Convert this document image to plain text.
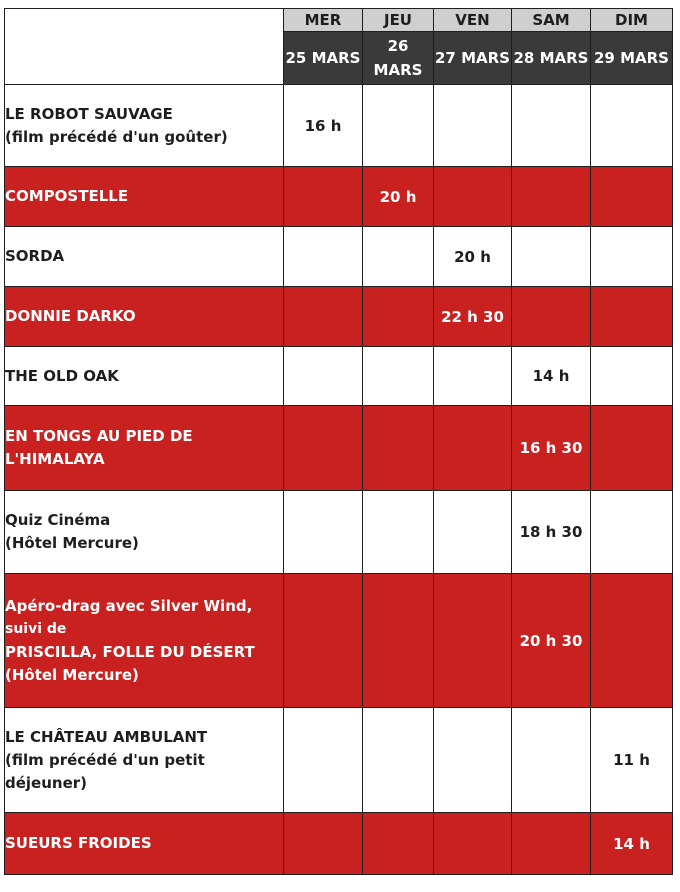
	MER	JEU	VEN	SAM	DIM
	25 MARS	26 MARS	27 MARS	28 MARS	29 MARS

LE ROBOT SAUVAGE
(film précédé d'un goûter)	16 h				

COMPOSTELLE		20 h			

SORDA			20 h		

DONNIE DARKO			22 h 30		

THE OLD OAK				14 h	

EN TONGS AU PIED DE
L'HIMALAYA				16 h 30	

Quiz Cinéma
(Hôtel Mercure)				18 h 30	

Apéro-drag avec Silver Wind,
suivi de
PRISCILLA, FOLLE DU DÉSERT
(Hôtel Mercure)				20 h 30	

LE CHÂTEAU AMBULANT
(film précédé d'un petit
déjeuner)					11 h

SUEURS FROIDES					14 h
